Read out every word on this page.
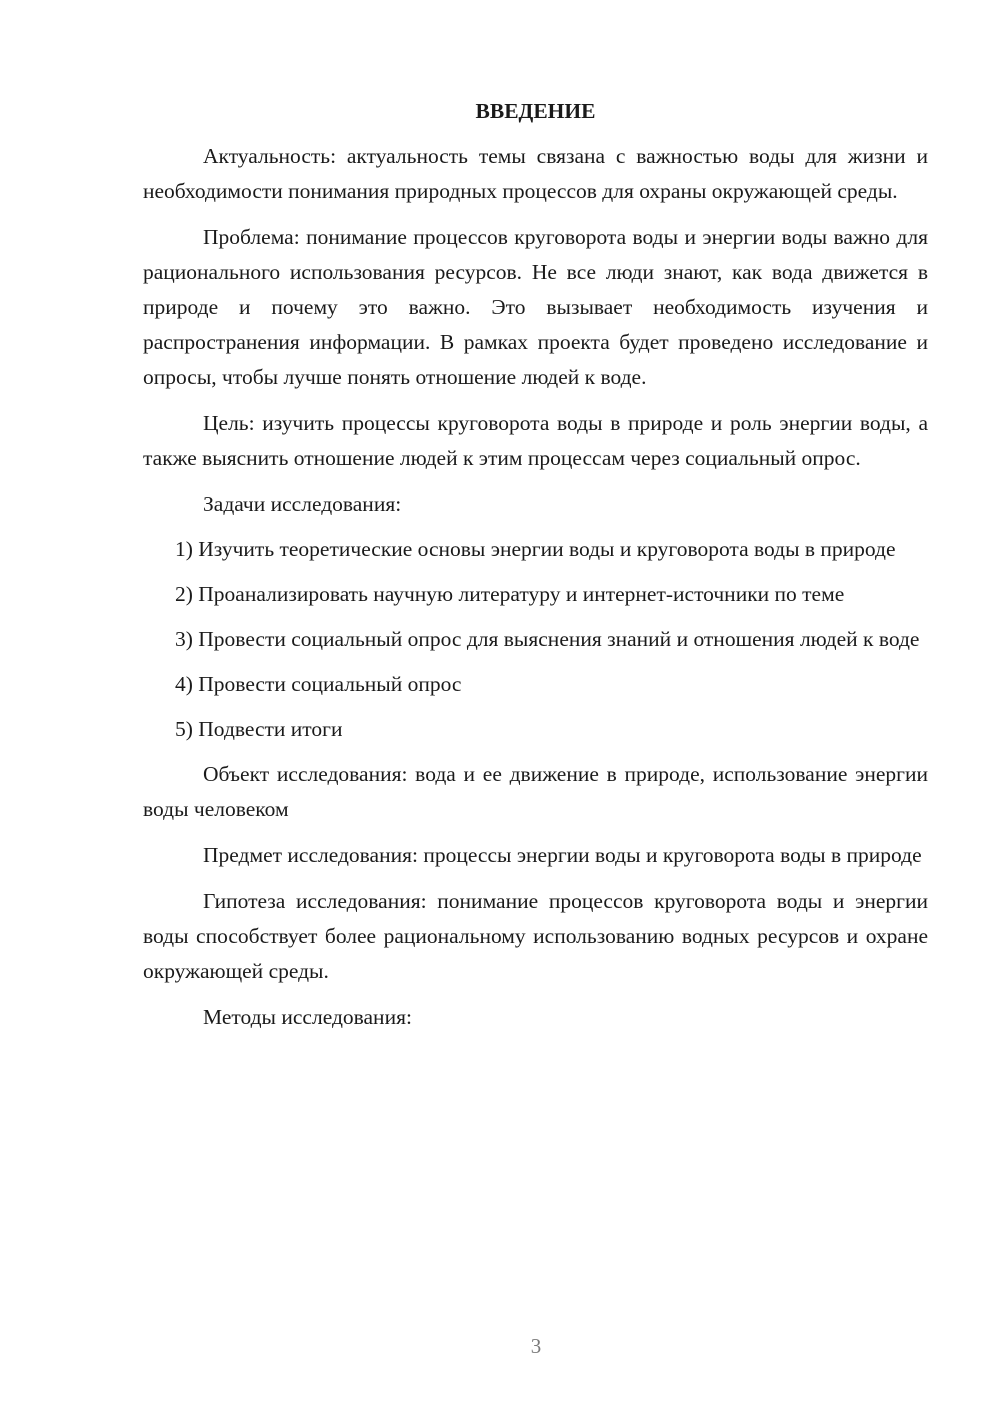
ВВЕДЕНИЕ

Актуальность: актуальность темы связана с важностью воды для жизни и необходимости понимания природных процессов для охраны окружающей среды.

Проблема: понимание процессов круговорота воды и энергии воды важно для рационального использования ресурсов. Не все люди знают, как вода движется в природе и почему это важно. Это вызывает необходимость изучения и распространения информации. В рамках проекта будет проведено исследование и опросы, чтобы лучше понять отношение людей к воде.

Цель: изучить процессы круговорота воды в природе и роль энергии воды, а также выяснить отношение людей к этим процессам через социальный опрос.

Задачи исследования:

1) Изучить теоретические основы энергии воды и круговорота воды в природе

2) Проанализировать научную литературу и интернет-источники по теме

3) Провести социальный опрос для выяснения знаний и отношения людей к воде

4) Провести социальный опрос

5) Подвести итоги

Объект исследования: вода и ее движение в природе, использование энергии воды человеком

Предмет исследования: процессы энергии воды и круговорота воды в природе

Гипотеза исследования: понимание процессов круговорота воды и энергии воды способствует более рациональному использованию водных ресурсов и охране окружающей среды.

Методы исследования:

3
